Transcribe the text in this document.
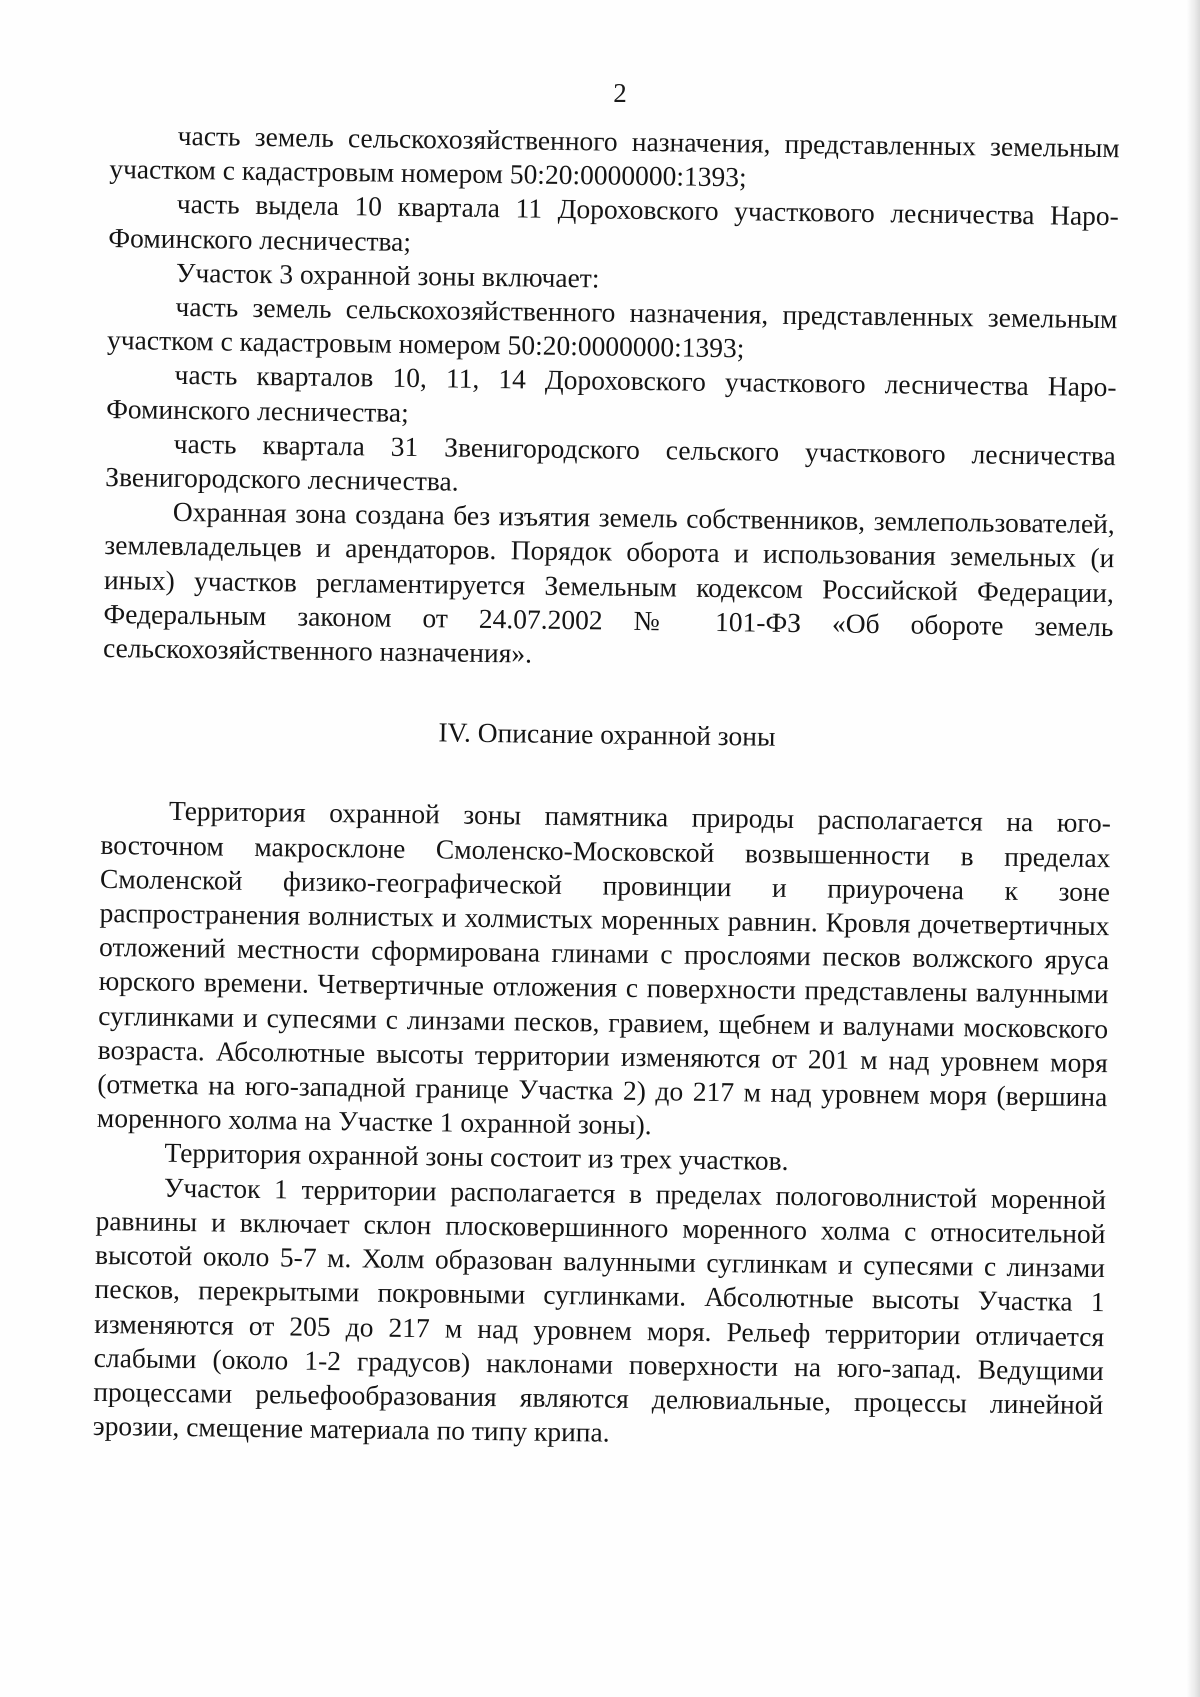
2

часть земель сельскохозяйственного назначения, представленных земельным участком с кадастровым номером 50:20:0000000:1393;

часть выдела 10 квартала 11 Дороховского участкового лесничества Наро-Фоминского лесничества;

Участок 3 охранной зоны включает:

часть земель сельскохозяйственного назначения, представленных земельным участком с кадастровым номером 50:20:0000000:1393;

часть кварталов 10, 11, 14 Дороховского участкового лесничества Наро-Фоминского лесничества;

часть квартала 31 Звенигородского сельского участкового лесничества Звенигородского лесничества.

Охранная зона создана без изъятия земель собственников, землепользователей, землевладельцев и арендаторов. Порядок оборота и использования земельных (и иных) участков регламентируется Земельным кодексом Российской Федерации, Федеральным законом от 24.07.2002 № 101-ФЗ «Об обороте земель сельскохозяйственного назначения».

IV. Описание охранной зоны

Территория охранной зоны памятника природы располагается на юго-восточном макросклоне Смоленско-Московской возвышенности в пределах Смоленской физико-географической провинции и приурочена к зоне распространения волнистых и холмистых моренных равнин. Кровля дочетвертичных отложений местности сформирована глинами с прослоями песков волжского яруса юрского времени. Четвертичные отложения с поверхности представлены валунными суглинками и супесями с линзами песков, гравием, щебнем и валунами московского возраста. Абсолютные высоты территории изменяются от 201 м над уровнем моря (отметка на юго-западной границе Участка 2) до 217 м над уровнем моря (вершина моренного холма на Участке 1 охранной зоны).

Территория охранной зоны состоит из трех участков.

Участок 1 территории располагается в пределах пологоволнистой моренной равнины и включает склон плосковершинного моренного холма с относительной высотой около 5-7 м. Холм образован валунными суглинкам и супесями с линзами песков, перекрытыми покровными суглинками. Абсолютные высоты Участка 1 изменяются от 205 до 217 м над уровнем моря. Рельеф территории отличается слабыми (около 1-2 градусов) наклонами поверхности на юго-запад. Ведущими процессами рельефообразования являются делювиальные, процессы линейной эрозии, смещение материала по типу крипа.
